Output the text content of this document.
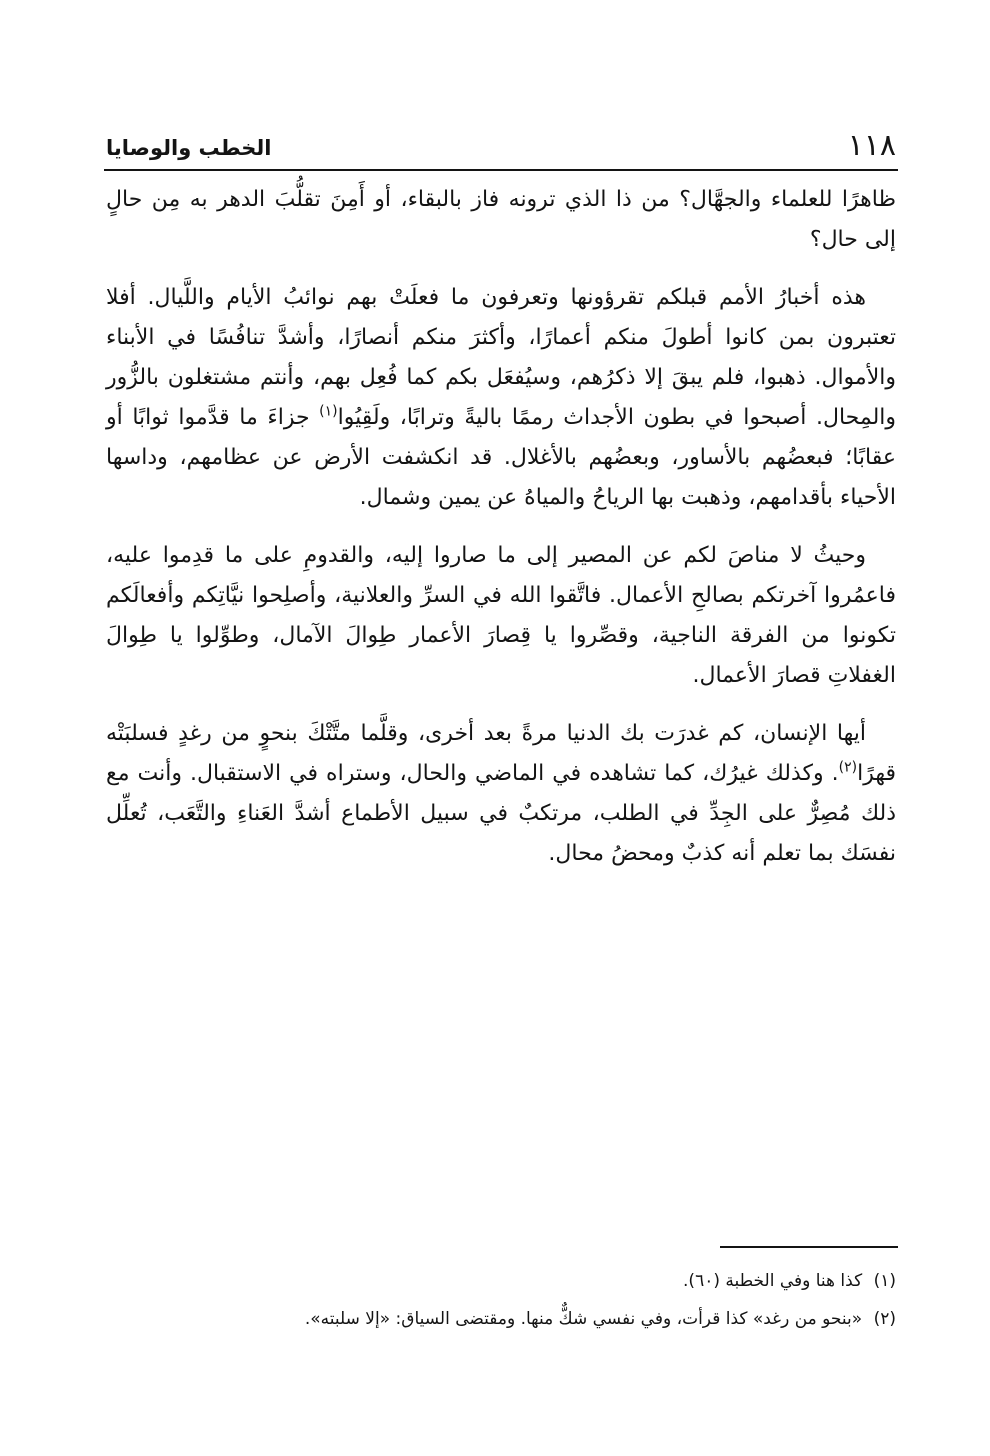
١١٨
الخطب والوصايا

ظاهرًا للعلماء والجهَّال؟ من ذا الذي ترونه فاز بالبقاء، أو أَمِنَ تقلُّبَ الدهر به مِن حالٍ إلى حال؟

هذه أخبارُ الأمم قبلكم تقرؤونها وتعرفون ما فعلَتْ بهم نوائبُ الأيام واللَّيال. أفلا تعتبرون بمن كانوا أطولَ منكم أعمارًا، وأكثرَ منكم أنصارًا، وأشدَّ تنافُسًا في الأبناء والأموال. ذهبوا، فلم يبقَ إلا ذكرُهم، وسيُفعَل بكم كما فُعِل بهم، وأنتم مشتغلون بالزُّور والمِحال. أصبحوا في بطون الأجداث رممًا باليةً وترابًا، ولَقِيُوا$^{(١)}$ جزاءَ ما قدَّموا ثوابًا أو عقابًا؛ فبعضُهم بالأساور، وبعضُهم بالأغلال. قد انكشفت الأرض عن عظامهم، وداسها الأحياء بأقدامهم، وذهبت بها الرياحُ والمياهُ عن يمين وشمال.

وحيثُ لا مناصَ لكم عن المصير إلى ما صاروا إليه، والقدومِ على ما قدِموا عليه، فاعمُروا آخرتكم بصالحِ الأعمال. فاتَّقوا الله في السرِّ والعلانية، وأصلِحوا نيَّاتِكم وأفعالَكم تكونوا من الفرقة الناجية، وقصِّروا يا قِصارَ الأعمار طِوالَ الآمال، وطوِّلوا يا طِوالَ الغفلاتِ قصارَ الأعمال.

أيها الإنسان، كم غدرَت بك الدنيا مرةً بعد أخرى، وقلَّما متَّتْكَ بنحوٍ من رغدٍ فسلبَتْه قهرًا$^{(٢)}$. وكذلك غيرُك، كما تشاهده في الماضي والحال، وستراه في الاستقبال. وأنت مع ذلك مُصِرٌّ على الجِدِّ في الطلب، مرتكبٌ في سبيل الأطماع أشدَّ العَناءِ والتَّعَب، تُعلِّل نفسَك بما تعلم أنه كذبٌ ومحضُ محال.

(١) كذا هنا وفي الخطبة (٦٠).

(٢) «بنحو من رغد» كذا قرأت، وفي نفسي شكٌّ منها. ومقتضى السياق: «إلا سلبته».
